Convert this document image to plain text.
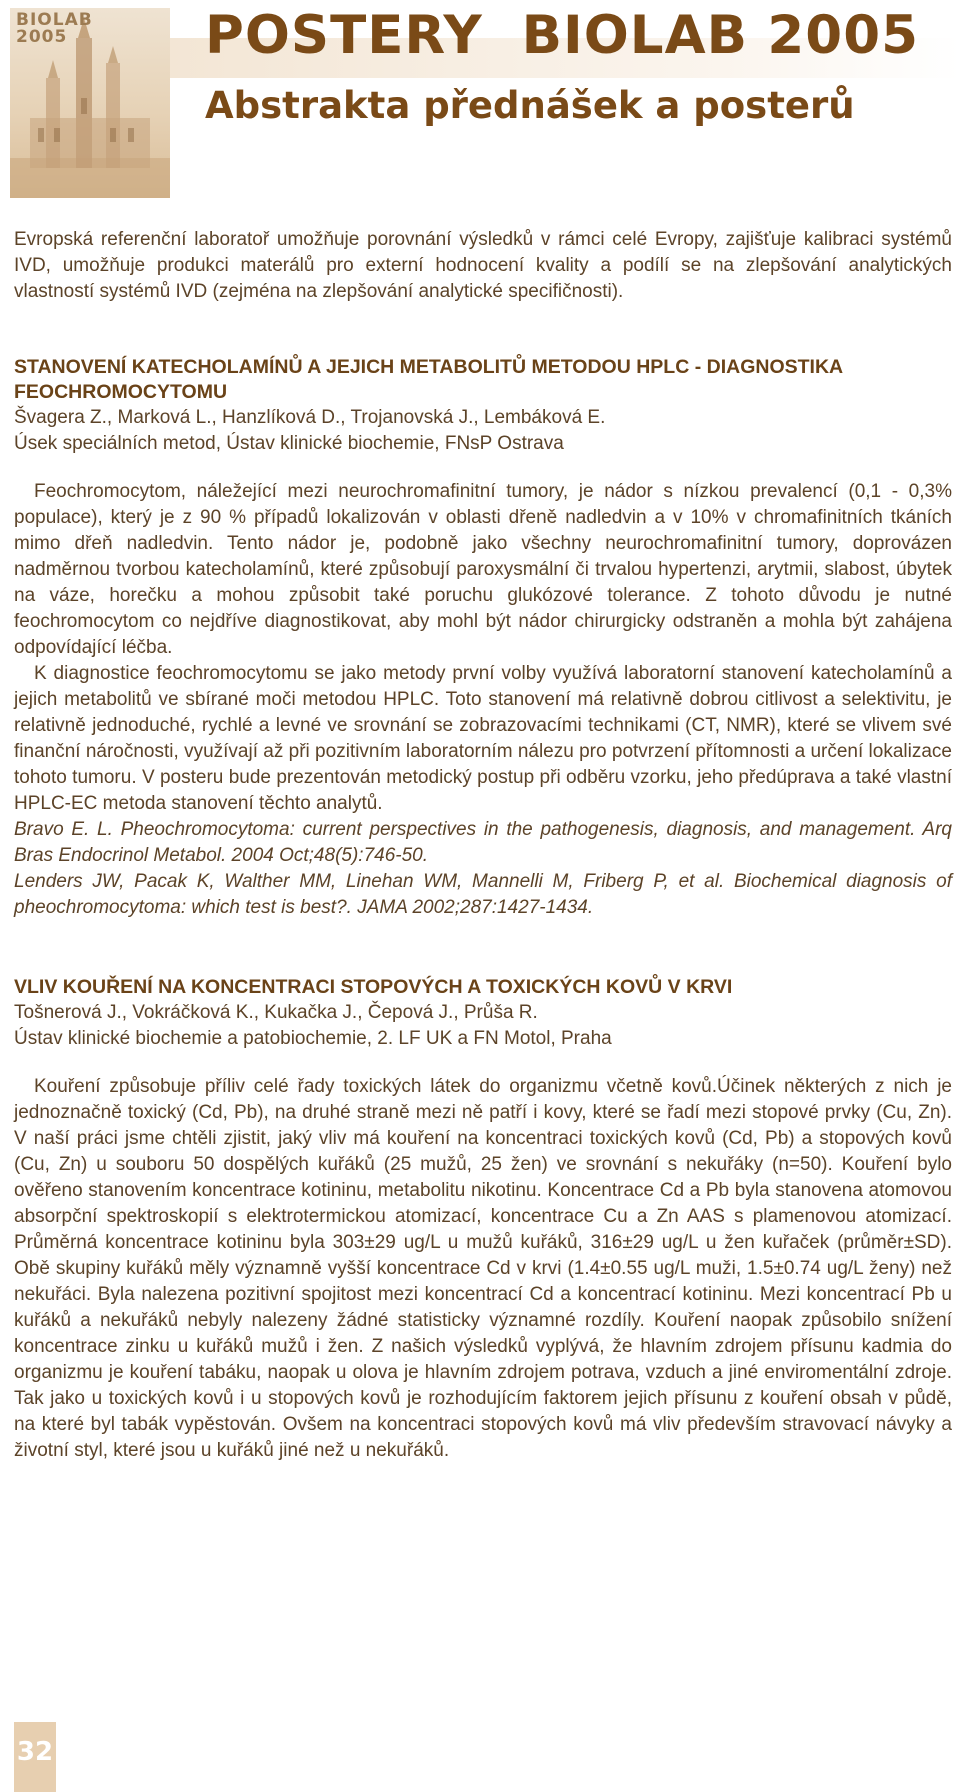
BIOLAB 2005	POSTERY  BIOLAB 2005
Abstrakta přednášek a posterů

Evropská referenční laboratoř umožňuje porovnání výsledků v rámci celé Evropy, zajišťuje kalibraci systémů IVD, umožňuje produkci materálů pro externí hodnocení kvality a podílí se na zlepšování analytických vlastností systémů IVD (zejména na zlepšování analytické specifičnosti).

STANOVENÍ KATECHOLAMÍNŮ A JEJICH METABOLITŮ METODOU HPLC - DIAGNOSTIKA FEOCHROMOCYTOMU

Švagera Z., Marková L., Hanzlíková D., Trojanovská J., Lembáková E.

Úsek speciálních metod, Ústav klinické biochemie, FNsP Ostrava

Feochromocytom, náležející mezi neurochromafinitní tumory, je nádor s nízkou prevalencí (0,1 - 0,3% populace), který je z 90 % případů lokalizován v oblasti dřeně nadledvin a v 10% v chromafinitních tkáních mimo dřeň nadledvin. Tento nádor je, podobně jako všechny neurochromafinitní tumory, doprovázen nadměrnou tvorbou katecholamínů, které způsobují paroxysmální či trvalou hypertenzi, arytmii, slabost, úbytek na váze, horečku a mohou způsobit také poruchu glukózové tolerance. Z tohoto důvodu je nutné feochromocytom co nejdříve diagnostikovat, aby mohl být nádor chirurgicky odstraněn a mohla být zahájena odpovídající léčba.

K diagnostice feochromocytomu se jako metody první volby využívá laboratorní stanovení katecholamínů a jejich metabolitů ve sbírané moči metodou HPLC. Toto stanovení má relativně dobrou citlivost a selektivitu, je relativně jednoduché, rychlé a levné ve srovnání se zobrazovacími technikami (CT, NMR), které se vlivem své finanční náročnosti, využívají až při pozitivním laboratorním nálezu pro potvrzení přítomnosti a určení lokalizace tohoto tumoru. V posteru bude prezentován metodický postup při odběru vzorku, jeho předúprava a také vlastní HPLC-EC metoda stanovení těchto analytů.

Bravo E. L. Pheochromocytoma: current perspectives in the pathogenesis, diagnosis, and management. Arq Bras Endocrinol Metabol. 2004 Oct;48(5):746-50.

Lenders JW, Pacak K, Walther MM, Linehan WM, Mannelli M, Friberg P, et al. Biochemical diagnosis of pheochromocytoma: which test is best?. JAMA 2002;287:1427-1434.

VLIV KOUŘENÍ NA KONCENTRACI STOPOVÝCH A TOXICKÝCH KOVŮ V KRVI

Tošnerová J., Vokráčková K., Kukačka J., Čepová J., Průša R.

Ústav klinické biochemie a patobiochemie, 2. LF UK a FN Motol, Praha

Kouření způsobuje příliv celé řady toxických látek do organizmu včetně kovů.Účinek některých z nich je jednoznačně toxický (Cd, Pb), na druhé straně mezi ně patří i kovy, které se řadí mezi stopové prvky (Cu, Zn). V naší práci jsme chtěli zjistit, jaký vliv má kouření na koncentraci toxických kovů (Cd, Pb) a stopových kovů (Cu, Zn) u souboru 50 dospělých kuřáků (25 mužů, 25 žen) ve srovnání s nekuřáky (n=50). Kouření bylo ověřeno stanovením koncentrace kotininu, metabolitu nikotinu. Koncentrace Cd a Pb byla stanovena atomovou absorpční spektroskopií s elektrotermickou atomizací, koncentrace Cu a Zn AAS s plamenovou atomizací. Průměrná koncentrace kotininu byla 303±29 ug/L u mužů kuřáků, 316±29 ug/L u žen kuřaček (průměr±SD). Obě skupiny kuřáků měly významně vyšší koncentrace Cd v krvi (1.4±0.55 ug/L muži, 1.5±0.74 ug/L ženy) než nekuřáci. Byla nalezena pozitivní spojitost mezi koncentrací Cd a koncentrací kotininu. Mezi koncentrací Pb u kuřáků a nekuřáků nebyly nalezeny žádné statisticky významné rozdíly. Kouření naopak způsobilo snížení koncentrace zinku u kuřáků mužů i žen. Z našich výsledků vyplývá, že hlavním zdrojem přísunu kadmia do organizmu je kouření tabáku, naopak u olova je hlavním zdrojem potrava, vzduch a jiné enviromentální zdroje. Tak jako u toxických kovů i u stopových kovů je rozhodujícím faktorem jejich přísunu z kouření obsah v půdě, na které byl tabák vypěstován. Ovšem na koncentraci stopových kovů má vliv především stravovací návyky a životní styl, které jsou u kuřáků jiné než u nekuřáků.

32
